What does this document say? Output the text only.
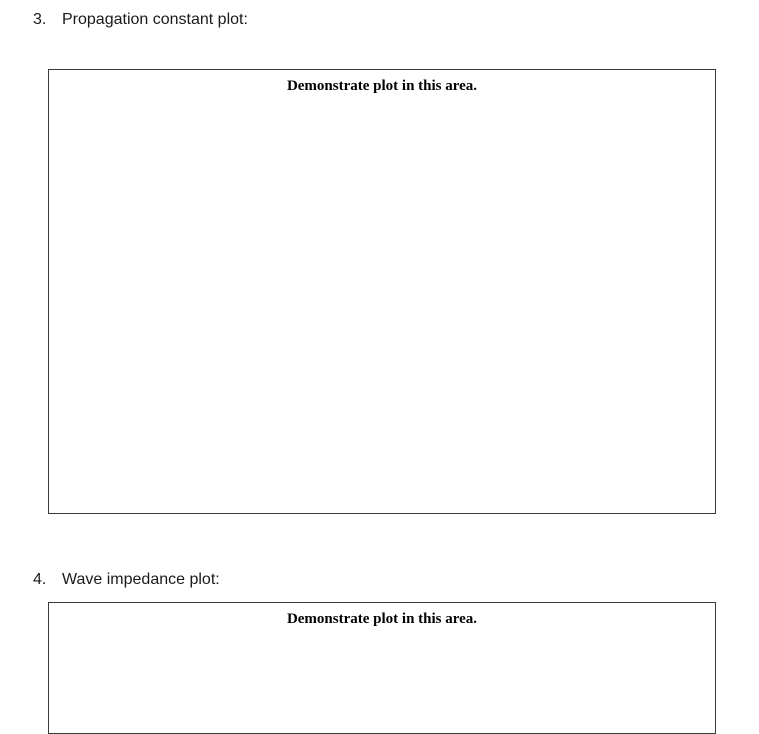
3. Propagation constant plot:
Demonstrate plot in this area.
4. Wave impedance plot:
Demonstrate plot in this area.
